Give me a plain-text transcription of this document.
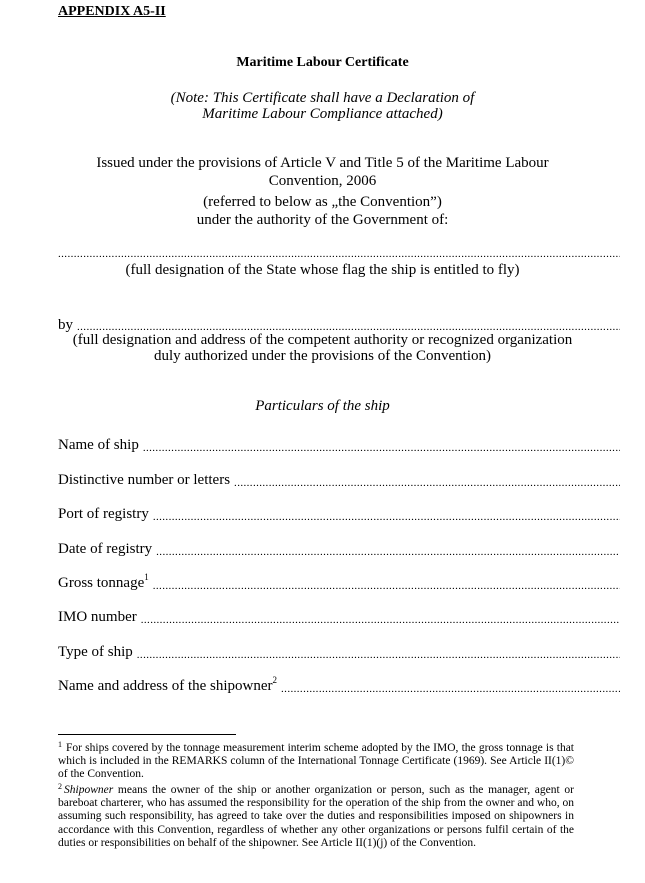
APPENDIX A5-II
Maritime Labour Certificate
(Note: This Certificate shall have a Declaration of
Maritime Labour Compliance attached)
Issued under the provisions of Article V and Title 5 of the Maritime Labour
Convention, 2006
(referred to below as „the Convention”)
under the authority of the Government of:
.....
(full designation of the State whose flag the ship is entitled to fly)
by
.....
(full designation and address of the competent authority or recognized organization
duly authorized under the provisions of the Convention)
Particulars of the ship
Name of ship
.....
Distinctive number or letters
.....
Port of registry
.....
Date of registry
.....
Gross tonnage$^1$
.....
IMO number
.....
Type of ship
.....
Name and address of the shipowner$^2$
.....
$^1$ For ships covered by the tonnage measurement interim scheme adopted by the IMO, the gross tonnage is that which is included in the REMARKS column of the International Tonnage Certificate (1969). See Article II(1)© of the Convention.
$^2$ Shipowner means the owner of the ship or another organization or person, such as the manager, agent or bareboat charterer, who has assumed the responsibility for the operation of the ship from the owner and who, on assuming such responsibility, has agreed to take over the duties and responsibilities imposed on shipowners in accordance with this Convention, regardless of whether any other organizations or persons fulfil certain of the duties or responsibilities on behalf of the shipowner. See Article II(1)(j) of the Convention.
